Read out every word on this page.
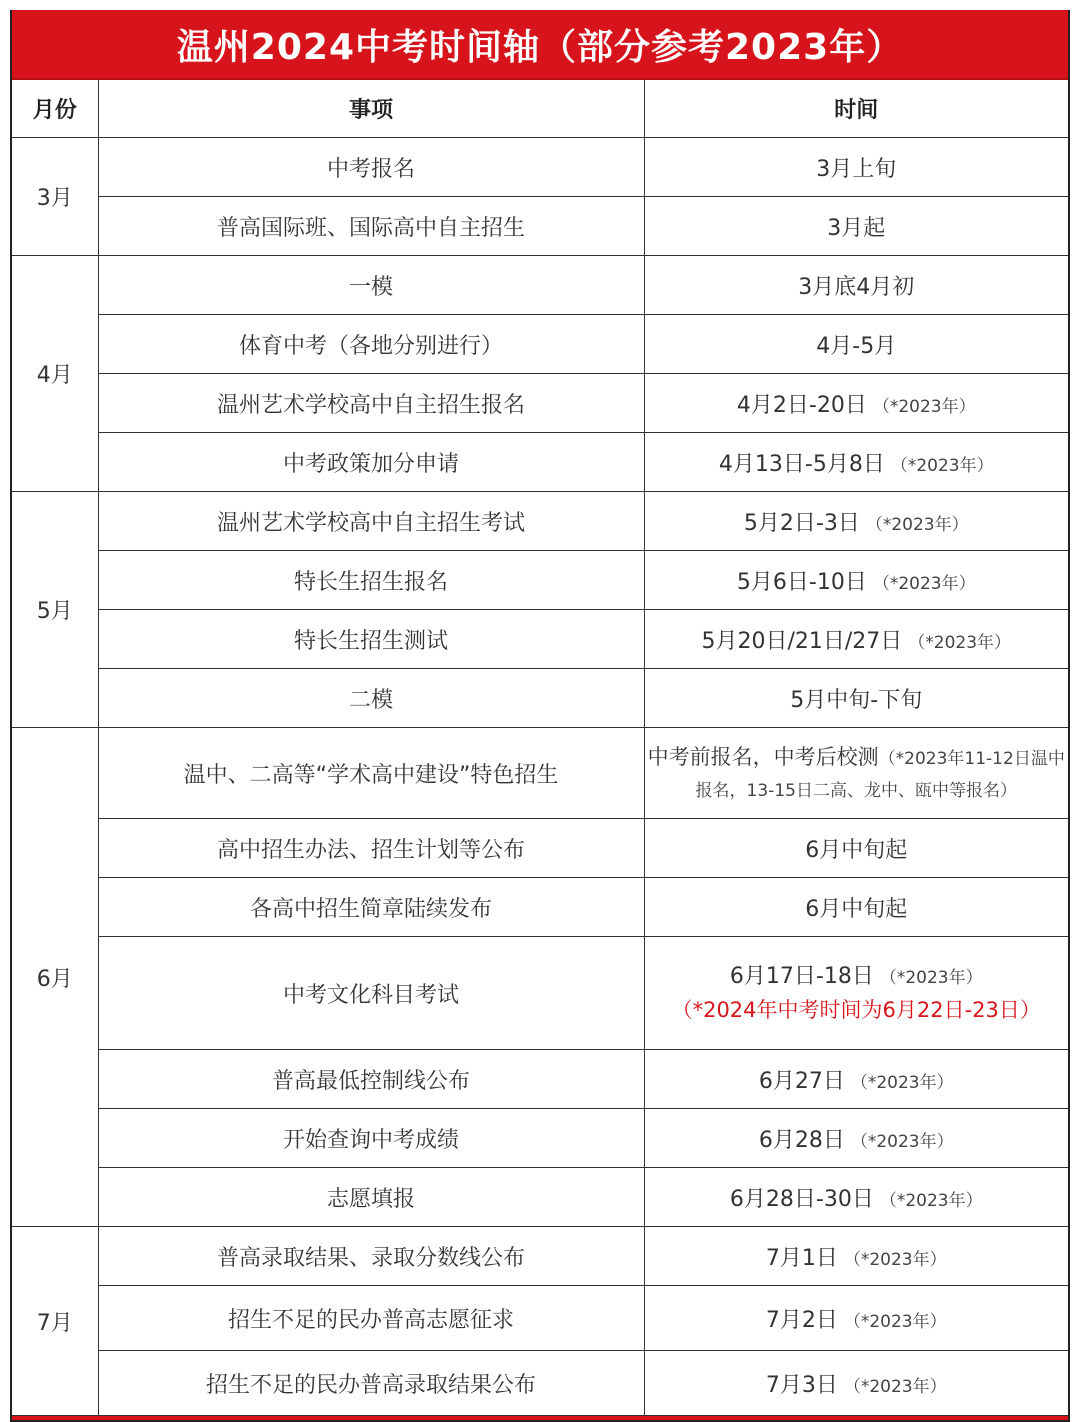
温州2024中考时间轴（部分参考2023年）
月份	事项	时间
3月	中考报名	3月上旬
	普高国际班、国际高中自主招生	3月起
4月	一模	3月底4月初
	体育中考（各地分别进行）	4月-5月
	温州艺术学校高中自主招生报名	4月2日-20日 （*2023年）
	中考政策加分申请	4月13日-5月8日 （*2023年）
5月	温州艺术学校高中自主招生考试	5月2日-3日 （*2023年）
	特长生招生报名	5月6日-10日 （*2023年）
	特长生招生测试	5月20日/21日/27日 （*2023年）
	二模	5月中旬-下旬
6月	温中、二高等“学术高中建设”特色招生	中考前报名，中考后校测（*2023年11-12日温中报名，13-15日二高、龙中、瓯中等报名）
	高中招生办法、招生计划等公布	6月中旬起
	各高中招生简章陆续发布	6月中旬起
	中考文化科目考试	6月17日-18日 （*2023年）
（*2024年中考时间为6月22日-23日）

	普高最低控制线公布	6月27日 （*2023年）
	开始查询中考成绩	6月28日 （*2023年）
	志愿填报	6月28日-30日 （*2023年）
7月	普高录取结果、录取分数线公布	7月1日 （*2023年）
	招生不足的民办普高志愿征求	7月2日 （*2023年）
	招生不足的民办普高录取结果公布	7月3日 （*2023年）
